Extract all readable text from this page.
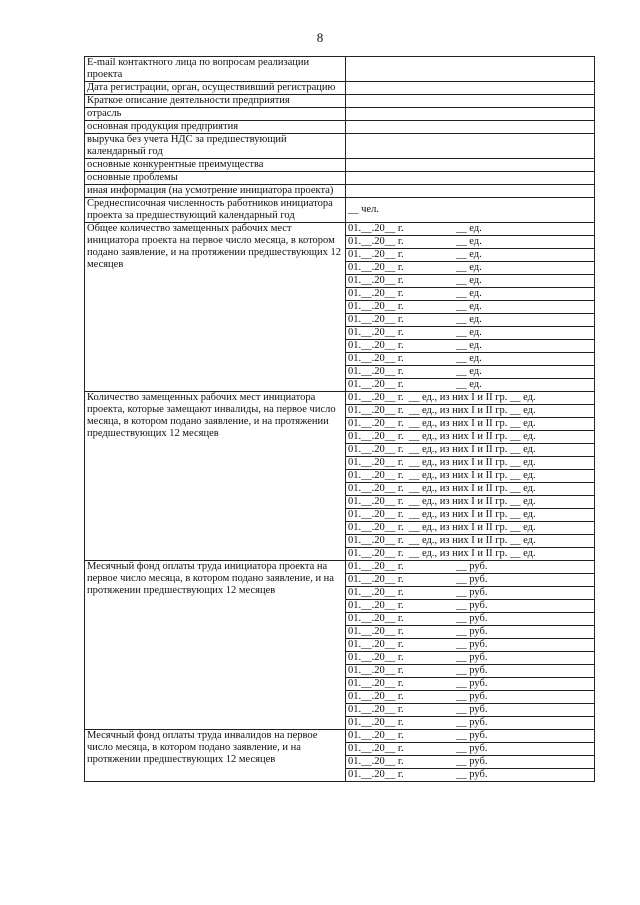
8
E-mail контактного лица по вопросам реализации проекта	
Дата регистрации, орган, осуществивший регистрацию	
Краткое описание деятельности предприятия	
отрасль	
основная продукция предприятия	
выручка без учета НДС за предшествующий календарный год	
основные конкурентные преимущества	
основные проблемы	
иная информация (на усмотрение инициатора проекта)	
Среднесписочная численность работников инициатора проекта за предшествующий календарный год	__ чел.
Общее количество замещенных рабочих мест инициатора проекта на первое число месяца, в котором подано заявление, и на протяжении предшествующих 12 месяцев	01.__.20__ г.                    __ ед.
	01.__.20__ г.                    __ ед.
	01.__.20__ г.                    __ ед.
	01.__.20__ г.                    __ ед.
	01.__.20__ г.                    __ ед.
	01.__.20__ г.                    __ ед.
	01.__.20__ г.                    __ ед.
	01.__.20__ г.                    __ ед.
	01.__.20__ г.                    __ ед.
	01.__.20__ г.                    __ ед.
	01.__.20__ г.                    __ ед.
	01.__.20__ г.                    __ ед.
	01.__.20__ г.                    __ ед.
Количество замещенных рабочих мест инициатора проекта, которые замещают инвалиды, на первое число месяца, в котором подано заявление, и на протяжении предшествующих 12 месяцев	01.__.20__ г.  __ ед., из них I и II гр. __ ед.
	01.__.20__ г.  __ ед., из них I и II гр. __ ед.
	01.__.20__ г.  __ ед., из них I и II гр. __ ед.
	01.__.20__ г.  __ ед., из них I и II гр. __ ед.
	01.__.20__ г.  __ ед., из них I и II гр. __ ед.
	01.__.20__ г.  __ ед., из них I и II гр. __ ед.
	01.__.20__ г.  __ ед., из них I и II гр. __ ед.
	01.__.20__ г.  __ ед., из них I и II гр. __ ед.
	01.__.20__ г.  __ ед., из них I и II гр. __ ед.
	01.__.20__ г.  __ ед., из них I и II гр. __ ед.
	01.__.20__ г.  __ ед., из них I и II гр. __ ед.
	01.__.20__ г.  __ ед., из них I и II гр. __ ед.
	01.__.20__ г.  __ ед., из них I и II гр. __ ед.
Месячный фонд оплаты труда инициатора проекта на первое число месяца, в котором подано заявление, и на протяжении предшествующих 12 месяцев	01.__.20__ г.                    __ руб.
	01.__.20__ г.                    __ руб.
	01.__.20__ г.                    __ руб.
	01.__.20__ г.                    __ руб.
	01.__.20__ г.                    __ руб.
	01.__.20__ г.                    __ руб.
	01.__.20__ г.                    __ руб.
	01.__.20__ г.                    __ руб.
	01.__.20__ г.                    __ руб.
	01.__.20__ г.                    __ руб.
	01.__.20__ г.                    __ руб.
	01.__.20__ г.                    __ руб.
	01.__.20__ г.                    __ руб.
Месячный фонд оплаты труда инвалидов на первое число месяца, в котором подано заявление, и на протяжении предшествующих 12 месяцев	01.__.20__ г.                    __ руб.
	01.__.20__ г.                    __ руб.
	01.__.20__ г.                    __ руб.
	01.__.20__ г.                    __ руб.
